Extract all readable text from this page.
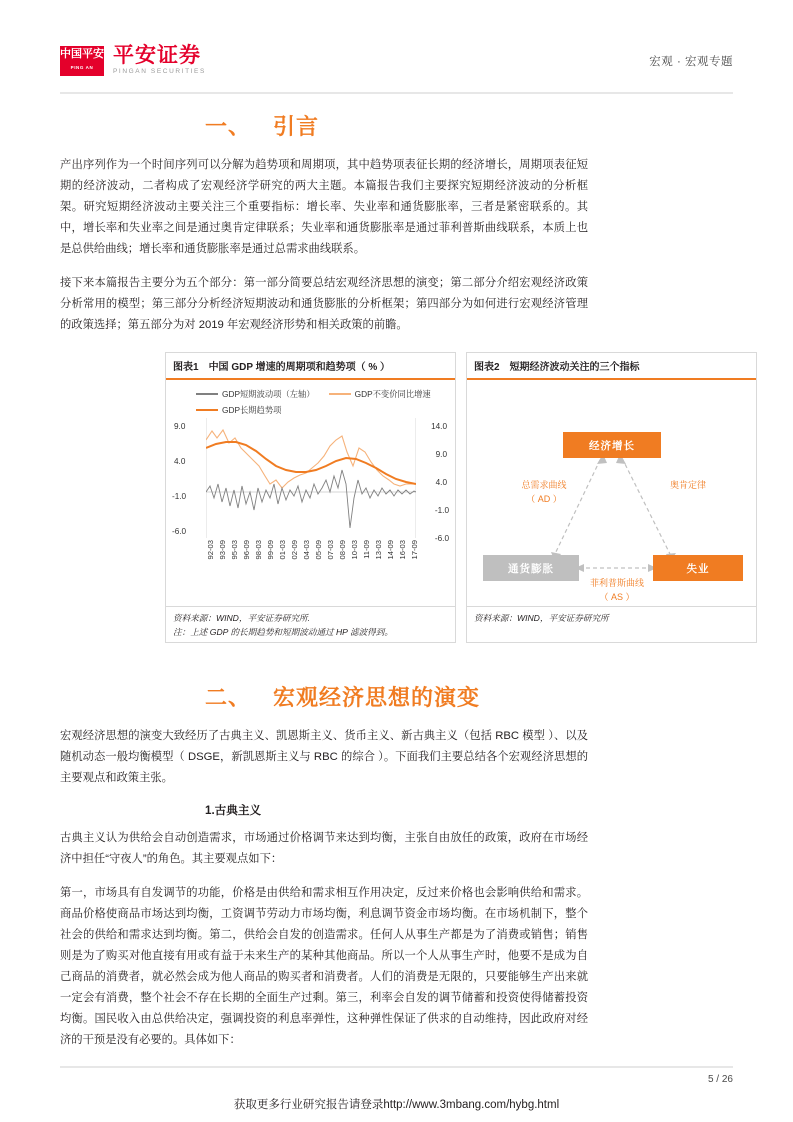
中国平安
PING AN
平安证券
PINGAN SECURITIES
宏观 · 宏观专题
一、 引言

产出序列作为一个时间序列可以分解为趋势项和周期项，其中趋势项表征长期的经济增长，周期项表征短期的经济波动，二者构成了宏观经济学研究的两大主题。本篇报告我们主要探究短期经济波动的分析框架。研究短期经济波动主要关注三个重要指标：增长率、失业率和通货膨胀率，三者是紧密联系的。其中，增长率和失业率之间是通过奥肯定律联系；失业率和通货膨胀率是通过菲利普斯曲线联系，本质上也是总供给曲线；增长率和通货膨胀率是通过总需求曲线联系。

接下来本篇报告主要分为五个部分：第一部分简要总结宏观经济思想的演变；第二部分介绍宏观经济政策分析常用的模型；第三部分分析经济短期波动和通货膨胀的分析框架；第四部分为如何进行宏观经济管理的政策选择；第五部分为对 2019 年宏观经济形势和相关政策的前瞻。

图表1 中国 GDP 增速的周期项和趋势项（ % ）
GDP短期波动项（左轴）	GDP不变价同比增速
GDP长期趋势项
9.0
4.0
-1.0
-6.0
14.0
9.0
4.0
-1.0
-6.0
92-03 93-09 95-03 96-09 98-03 99-09 01-03 02-09 04-03 05-09 07-03 08-09 10-03 11-09 13-03 14-09 16-03 17-09
资料来源：WIND，平安证券研究所.
注：上述 GDP 的长期趋势和短期波动通过 HP 滤波得到。
图表2 短期经济波动关注的三个指标
经济增长
通货膨胀	失业
总需求曲线
（ AD ）
奥肯定律
菲利普斯曲线
（ AS ）
资料来源：WIND，平安证券研究所

二、 宏观经济思想的演变

宏观经济思想的演变大致经历了古典主义、凯恩斯主义、货币主义、新古典主义（包括 RBC 模型 ）、以及随机动态一般均衡模型（ DSGE，新凯恩斯主义与 RBC 的综合 ）。下面我们主要总结各个宏观经济思想的主要观点和政策主张。

1.古典主义

古典主义认为供给会自动创造需求，市场通过价格调节来达到均衡，主张自由放任的政策，政府在市场经济中担任“守夜人”的角色。其主要观点如下：

第一，市场具有自发调节的功能，价格是由供给和需求相互作用决定，反过来价格也会影响供给和需求。商品价格使商品市场达到均衡，工资调节劳动力市场均衡，利息调节资金市场均衡。在市场机制下，整个社会的供给和需求达到均衡。第二，供给会自发的创造需求。任何人从事生产都是为了消费或销售；销售则是为了购买对他直接有用或有益于未来生产的某种其他商品。所以一个人从事生产时，他要不是成为自己商品的消费者，就必然会成为他人商品的购买者和消费者。人们的消费是无限的，只要能够生产出来就一定会有消费，整个社会不存在长期的全面生产过剩。第三，利率会自发的调节储蓄和投资使得储蓄投资均衡。国民收入由总供给决定，强调投资的利息率弹性，这种弹性保证了供求的自动维持，因此政府对经济的干预是没有必要的。具体如下：

5 / 26
获取更多行业研究报告请登录http://www.3mbang.com/hybg.html
